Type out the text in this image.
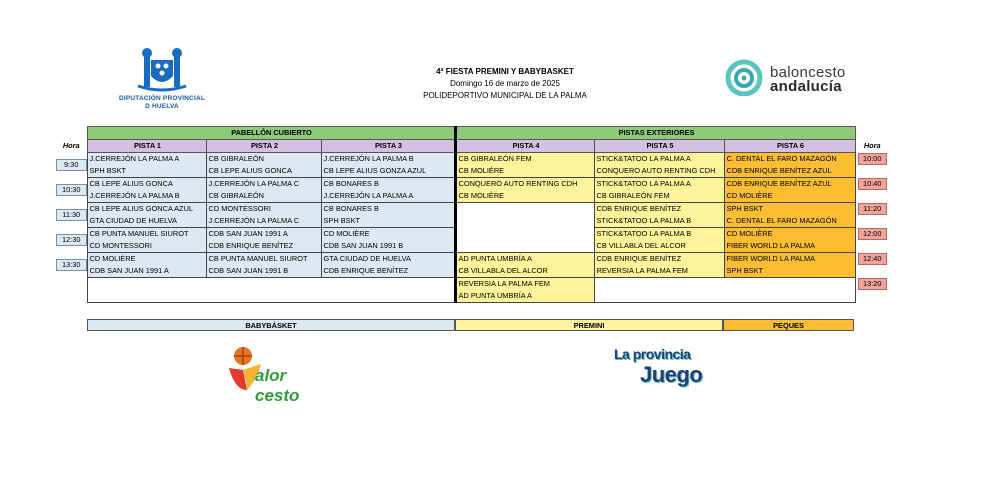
DIPUTACIÓN PROVINCIAL
D HUELVA
4ª FIESTA PREMINI Y BABYBASKET
Domingo 16 de marzo de 2025
POLIDEPORTIVO MUNICIPAL DE LA PALMA
baloncesto
andalucía
	PABELLÓN CUBIERTO			PISTAS EXTERIORES			
Hora	PISTA 1	PISTA 2	PISTA 3	PISTA 4	PISTA 5	PISTA 6	Hora

9:30	J.CERREJÓN LA PALMA A	CB GIBRALEÓN	J.CERREJÓN LA PALMA B	CB GIBRALEÓN FEM	STICK&TATOO LA PALMA A	C. DENTAL EL FARO MAZAGÓN	10:00

	SPH BSKT	CB LEPE ALIUS GONCA	CB LEPE ALIUS GONZA AZUL	CB MOLIÈRE	CONQUERO AUTO RENTING CDH	CDB ENRIQUE BENÍTEZ AZUL	

10:30	CB LEPE ALIUS GONCA	J.CERREJÓN LA PALMA C	CB BONARES B	CONQUERO AUTO RENTING CDH	STICK&TATOO LA PALMA A	CDB ENRIQUE BENÍTEZ AZUL	10:40

	J.CERREJÓN LA PALMA B	CB GIBRALEÓN	J.CERREJÓN LA PALMA A	CB MOLIÈRE	CB GIBRALEÓN FEM	CD MOLIÈRE	

11:30	CB LEPE ALIUS GONCA AZUL	CD MONTESSORI	CB BONARES B		CDB ENRIQUE BENÍTEZ	SPH BSKT	11:20

	GTA CIUDAD DE HUELVA	J.CERREJÓN LA PALMA C	SPH BSKT		STICK&TATOO LA PALMA B	C. DENTAL EL FARO MAZAGÓN	

12:30	CB PUNTA MANUEL SIUROT	CDB SAN JUAN 1991 A	CD MOLIÈRE		STICK&TATOO LA PALMA B	CD MOLIÈRE	12:00

	CD MONTESSORI	CDB ENRIQUE BENÍTEZ	CDB SAN JUAN 1991 B		CB VILLABLA DEL ALCOR	FIBER WORLD LA PALMA	

13:30	CD MOLIÈRE	CB PUNTA MANUEL SIUROT	GTA CIUDAD DE HUELVA	AD PUNTA UMBRÍA A	CDB ENRIQUE BENÍTEZ	FIBER WORLD LA PALMA	12:40

	CDB SAN JUAN 1991 A	CDB SAN JUAN 1991 B	CDB ENRIQUE BENÍTEZ	CB VILLABLA DEL ALCOR	REVERSIA LA PALMA FEM	SPH BSKT	
				REVERSIA LA PALMA FEM			13:20

				AD PUNTA UMBRÍA A			
BABYBÁSKET	PREMINI	PEQUES
alor cesto
La provincia
Juego
